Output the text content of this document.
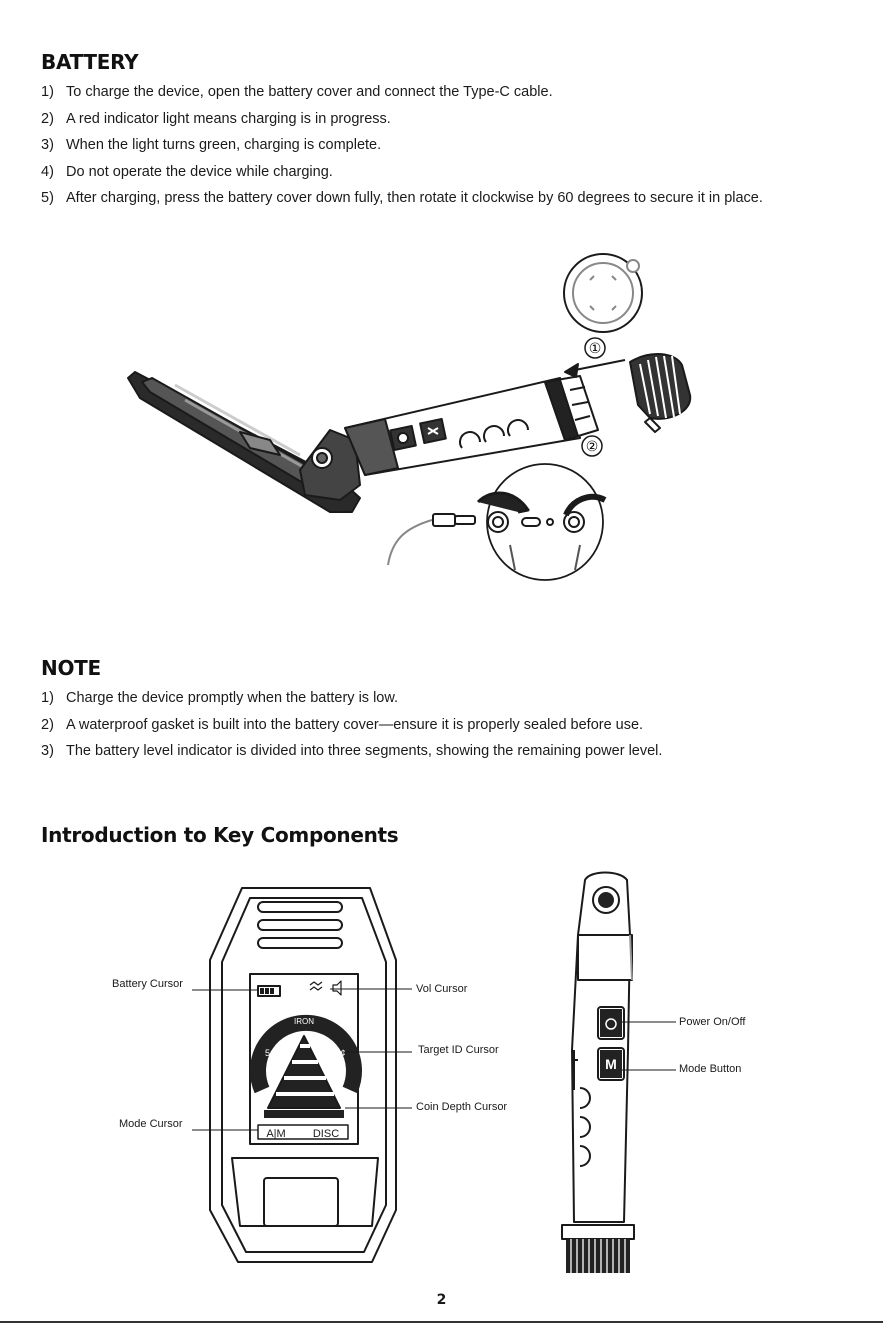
BATTERY
1) To charge the device, open the battery cover and connect the Type-C cable.
2) A red indicator light means charging is in progress.
3) When the light turns green, charging is complete.
4) Do not operate the device while charging.
5) After charging, press the battery cover down fully, then rotate it clockwise by 60 degrees to secure it in place.
①
②
NOTE
1) Charge the device promptly when the battery is low.
2) A waterproof gasket is built into the battery cover—ensure it is properly sealed before use.
3) The battery level indicator is divided into three segments, showing the remaining power level.
Introduction to Key Components
IRON
5¢	25¢
A|M DISC
Battery Cursor	Vol Cursor
Target ID Cursor
Coin Depth Cursor
Mode Cursor
M
Power On/Off
Mode Button
2
